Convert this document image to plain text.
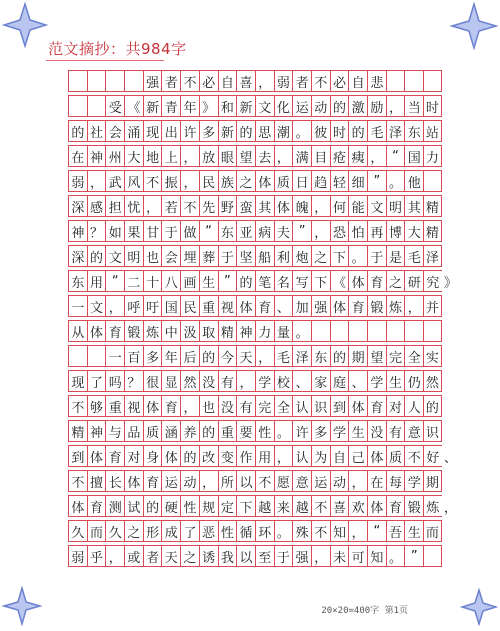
范文摘抄：共984字
强 者 不 必 自 喜 ， 弱 者 不 必 自 悲
受 《 新 青 年 》 和 新 文 化 运 动 的 激 励 ， 当 时
的 社 会 涌 现 出 许 多 新 的 思 潮 。 彼 时 的 毛 泽 东 站
在 神 州 大 地 上 ， 放 眼 望 去 ， 满 目 疮 痍 ， “ 国 力
弱 ， 武 风 不 振 ， 民 族 之 体 质 日 趋 轻 细 ” 。 他
深 感 担 忧 ， 若 不 先 野 蛮 其 体 魄 ， 何 能 文 明 其 精
神 ？ 如 果 甘 于 做 “ 东 亚 病 夫 ” ， 恐 怕 再 博 大 精
深 的 文 明 也 会 埋 葬 于 坚 船 利 炮 之 下 。 于 是 毛 泽
东 用 “ 二 十 八 画 生 ” 的 笔 名 写 下 《 体 育 之 研 究 》
一 文 ， 呼 吁 国 民 重 视 体 育 、 加 强 体 育 锻 炼 ， 并
从 体 育 锻 炼 中 汲 取 精 神 力 量 。
一 百 多 年 后 的 今 天 ， 毛 泽 东 的 期 望 完 全 实
现 了 吗 ？ 很 显 然 没 有 ， 学 校 、 家 庭 、 学 生 仍 然
不 够 重 视 体 育 ， 也 没 有 完 全 认 识 到 体 育 对 人 的
精 神 与 品 质 涵 养 的 重 要 性 。 许 多 学 生 没 有 意 识
到 体 育 对 身 体 的 改 变 作 用 ， 认 为 自 己 体 质 不 好 、
不 擅 长 体 育 运 动 ， 所 以 不 愿 意 运 动 ， 在 每 学 期
体 育 测 试 的 硬 性 规 定 下 越 来 越 不 喜 欢 体 育 锻 炼 ，
久 而 久 之 形 成 了 恶 性 循 环 。 殊 不 知 ， “ 吾 生 而
弱 乎 ， 或 者 天 之 诱 我 以 至 于 强 ， 未 可 知 。 ”
20×20=400字 第1页
